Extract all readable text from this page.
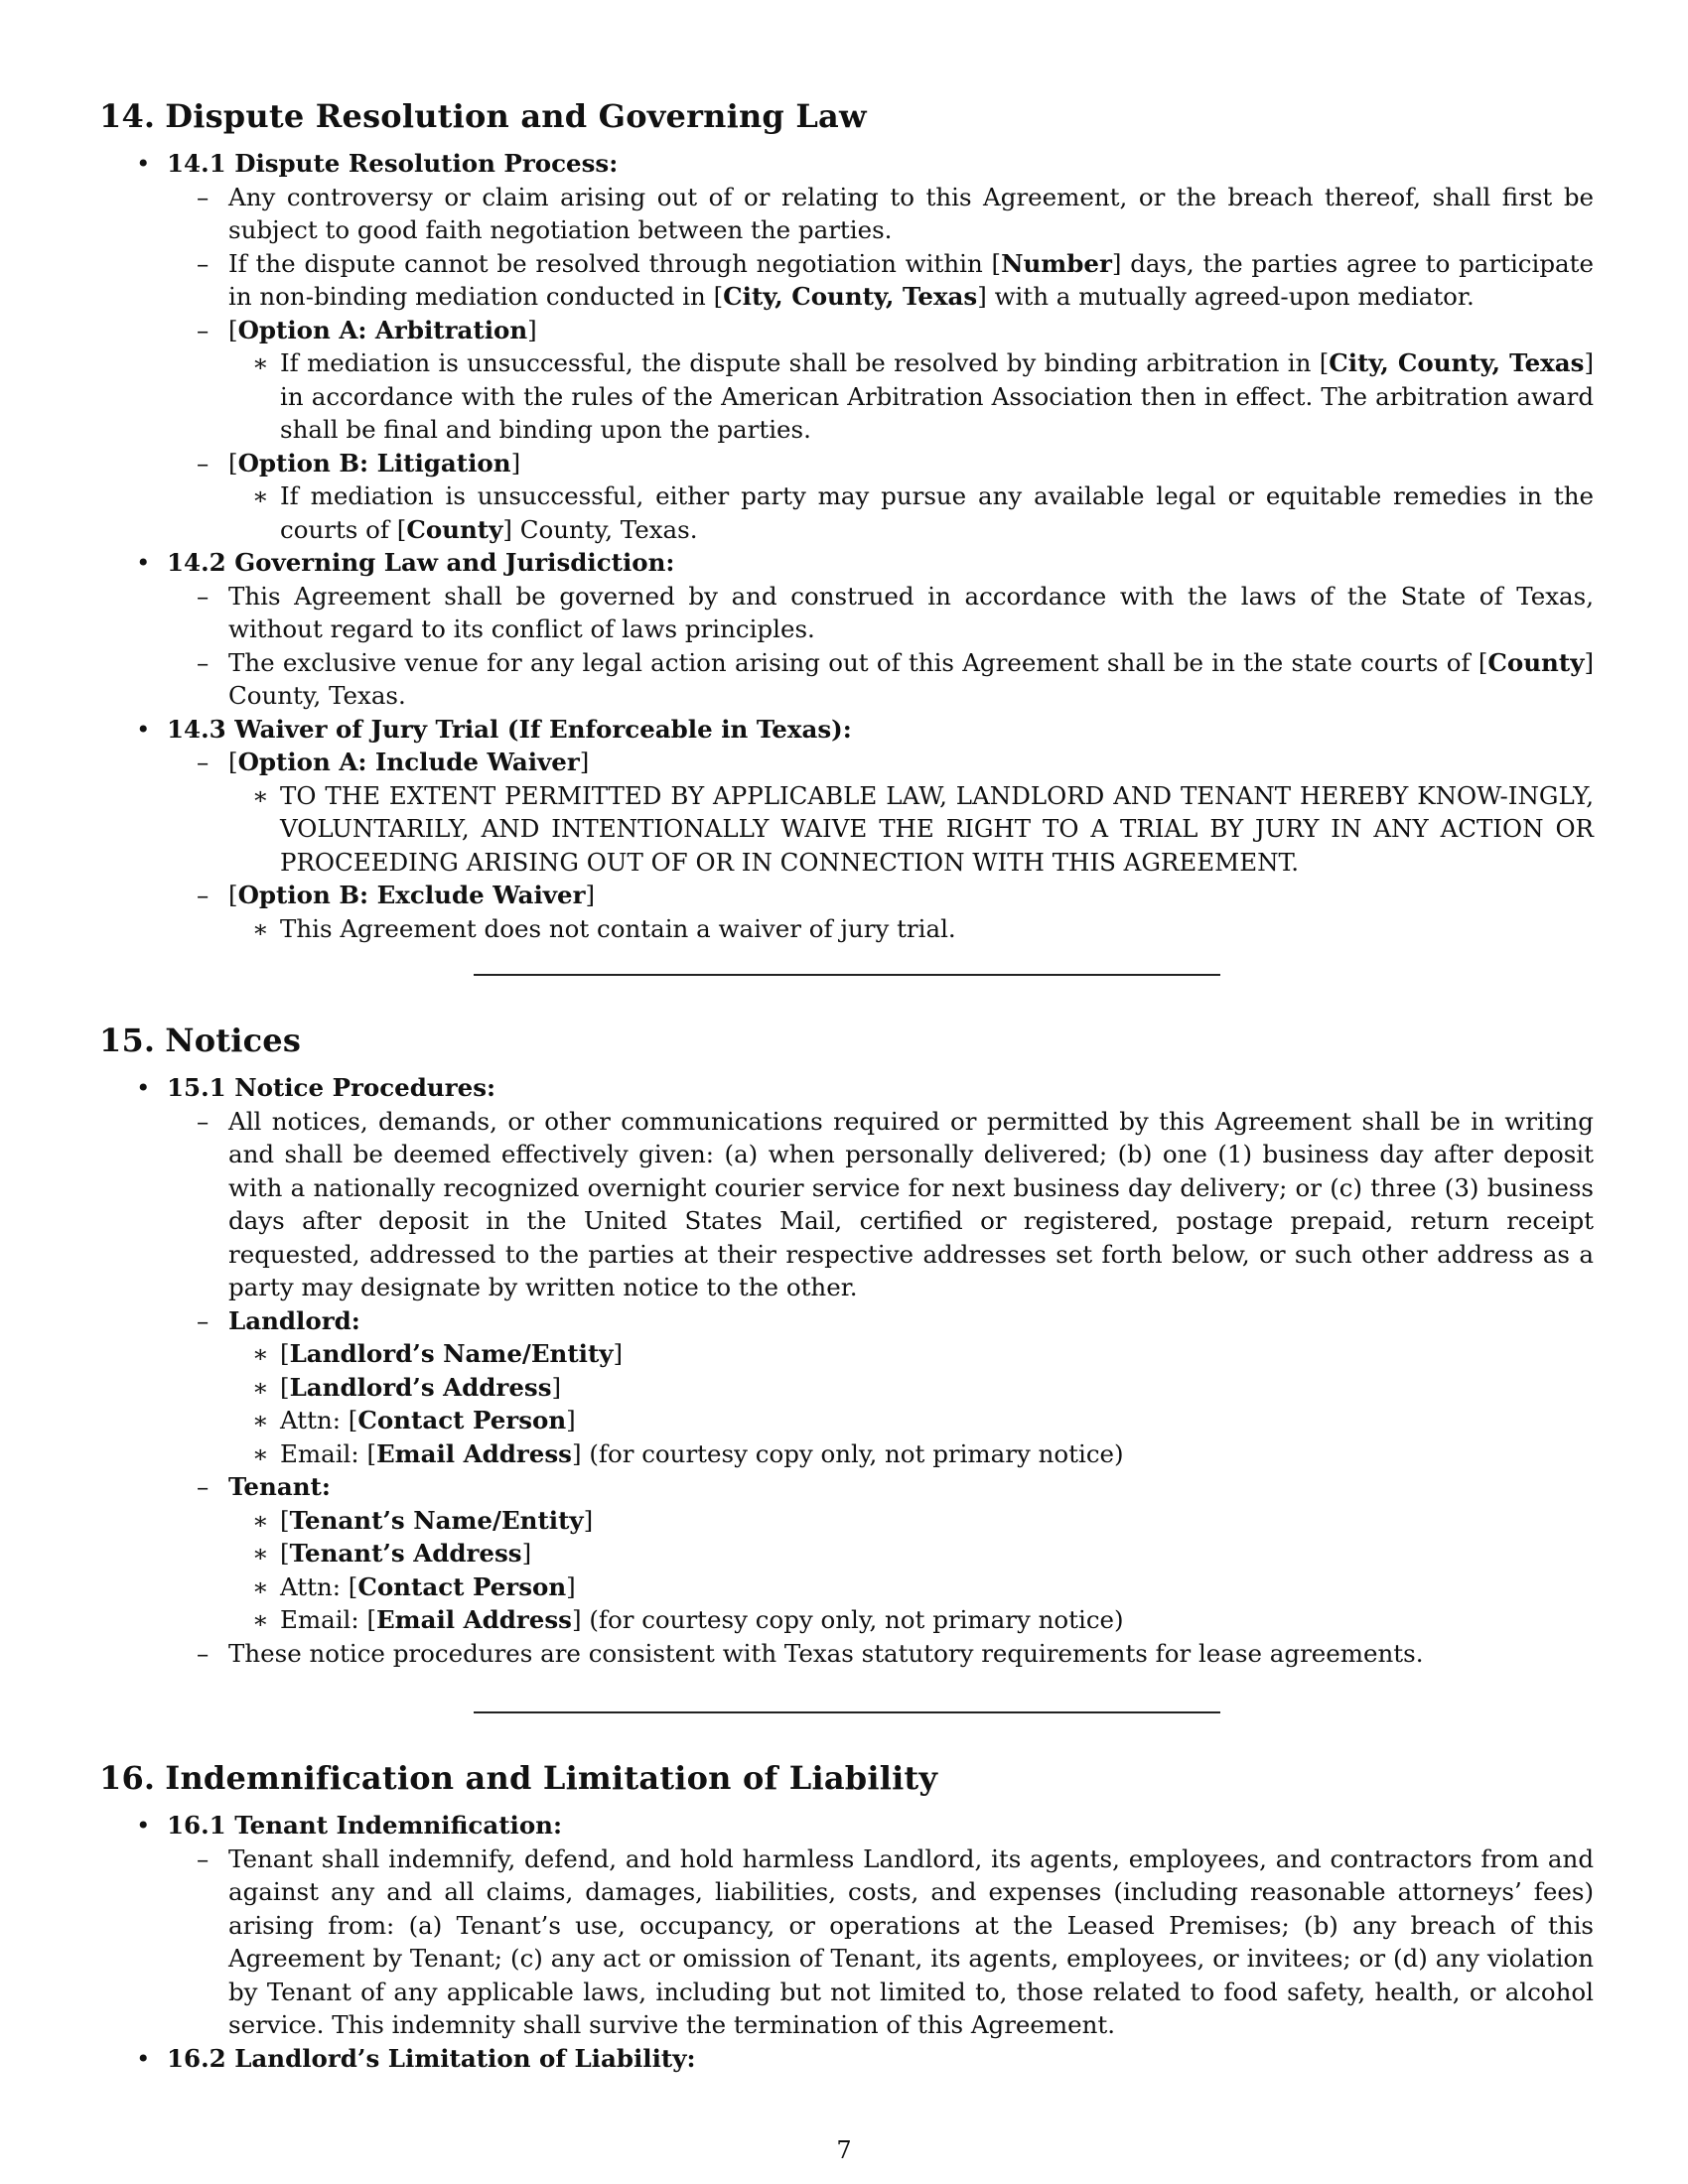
14. Dispute Resolution and Governing Law
• 14.1 Dispute Resolution Process:
– Any controversy or claim arising out of or relating to this Agreement, or the breach thereof, shall first be subject to good faith negotiation between the parties.
– If the dispute cannot be resolved through negotiation within [Number] days, the parties agree to participate in non-binding mediation conducted in [City, County, Texas] with a mutually agreed-upon mediator.
– [Option A: Arbitration]
∗ If mediation is unsuccessful, the dispute shall be resolved by binding arbitration in [City, County, Texas] in accordance with the rules of the American Arbitration Association then in effect. The arbitration award shall be final and binding upon the parties.
– [Option B: Litigation]
∗ If mediation is unsuccessful, either party may pursue any available legal or equitable remedies in the courts of [County] County, Texas.
• 14.2 Governing Law and Jurisdiction:
– This Agreement shall be governed by and construed in accordance with the laws of the State of Texas, without regard to its conflict of laws principles.
– The exclusive venue for any legal action arising out of this Agreement shall be in the state courts of [County] County, Texas.
• 14.3 Waiver of Jury Trial (If Enforceable in Texas):
– [Option A: Include Waiver]
∗ TO THE EXTENT PERMITTED BY APPLICABLE LAW, LANDLORD AND TENANT HEREBY KNOW-INGLY, VOLUNTARILY, AND INTENTIONALLY WAIVE THE RIGHT TO A TRIAL BY JURY IN ANY ACTION OR PROCEEDING ARISING OUT OF OR IN CONNECTION WITH THIS AGREEMENT.
– [Option B: Exclude Waiver]
∗ This Agreement does not contain a waiver of jury trial.
15. Notices
• 15.1 Notice Procedures:
– All notices, demands, or other communications required or permitted by this Agreement shall be in writing and shall be deemed effectively given: (a) when personally delivered; (b) one (1) business day after deposit with a nationally recognized overnight courier service for next business day delivery; or (c) three (3) business days after deposit in the United States Mail, certified or registered, postage prepaid, return receipt requested, addressed to the parties at their respective addresses set forth below, or such other address as a party may designate by written notice to the other.
– Landlord:
∗ [Landlord’s Name/Entity]
∗ [Landlord’s Address]
∗ Attn: [Contact Person]
∗ Email: [Email Address] (for courtesy copy only, not primary notice)
– Tenant:
∗ [Tenant’s Name/Entity]
∗ [Tenant’s Address]
∗ Attn: [Contact Person]
∗ Email: [Email Address] (for courtesy copy only, not primary notice)
– These notice procedures are consistent with Texas statutory requirements for lease agreements.
16. Indemnification and Limitation of Liability
• 16.1 Tenant Indemnification:
– Tenant shall indemnify, defend, and hold harmless Landlord, its agents, employees, and contractors from and against any and all claims, damages, liabilities, costs, and expenses (including reasonable attorneys’ fees) arising from: (a) Tenant’s use, occupancy, or operations at the Leased Premises; (b) any breach of this Agreement by Tenant; (c) any act or omission of Tenant, its agents, employees, or invitees; or (d) any violation by Tenant of any applicable laws, including but not limited to, those related to food safety, health, or alcohol service. This indemnity shall survive the termination of this Agreement.
• 16.2 Landlord’s Limitation of Liability:
7
